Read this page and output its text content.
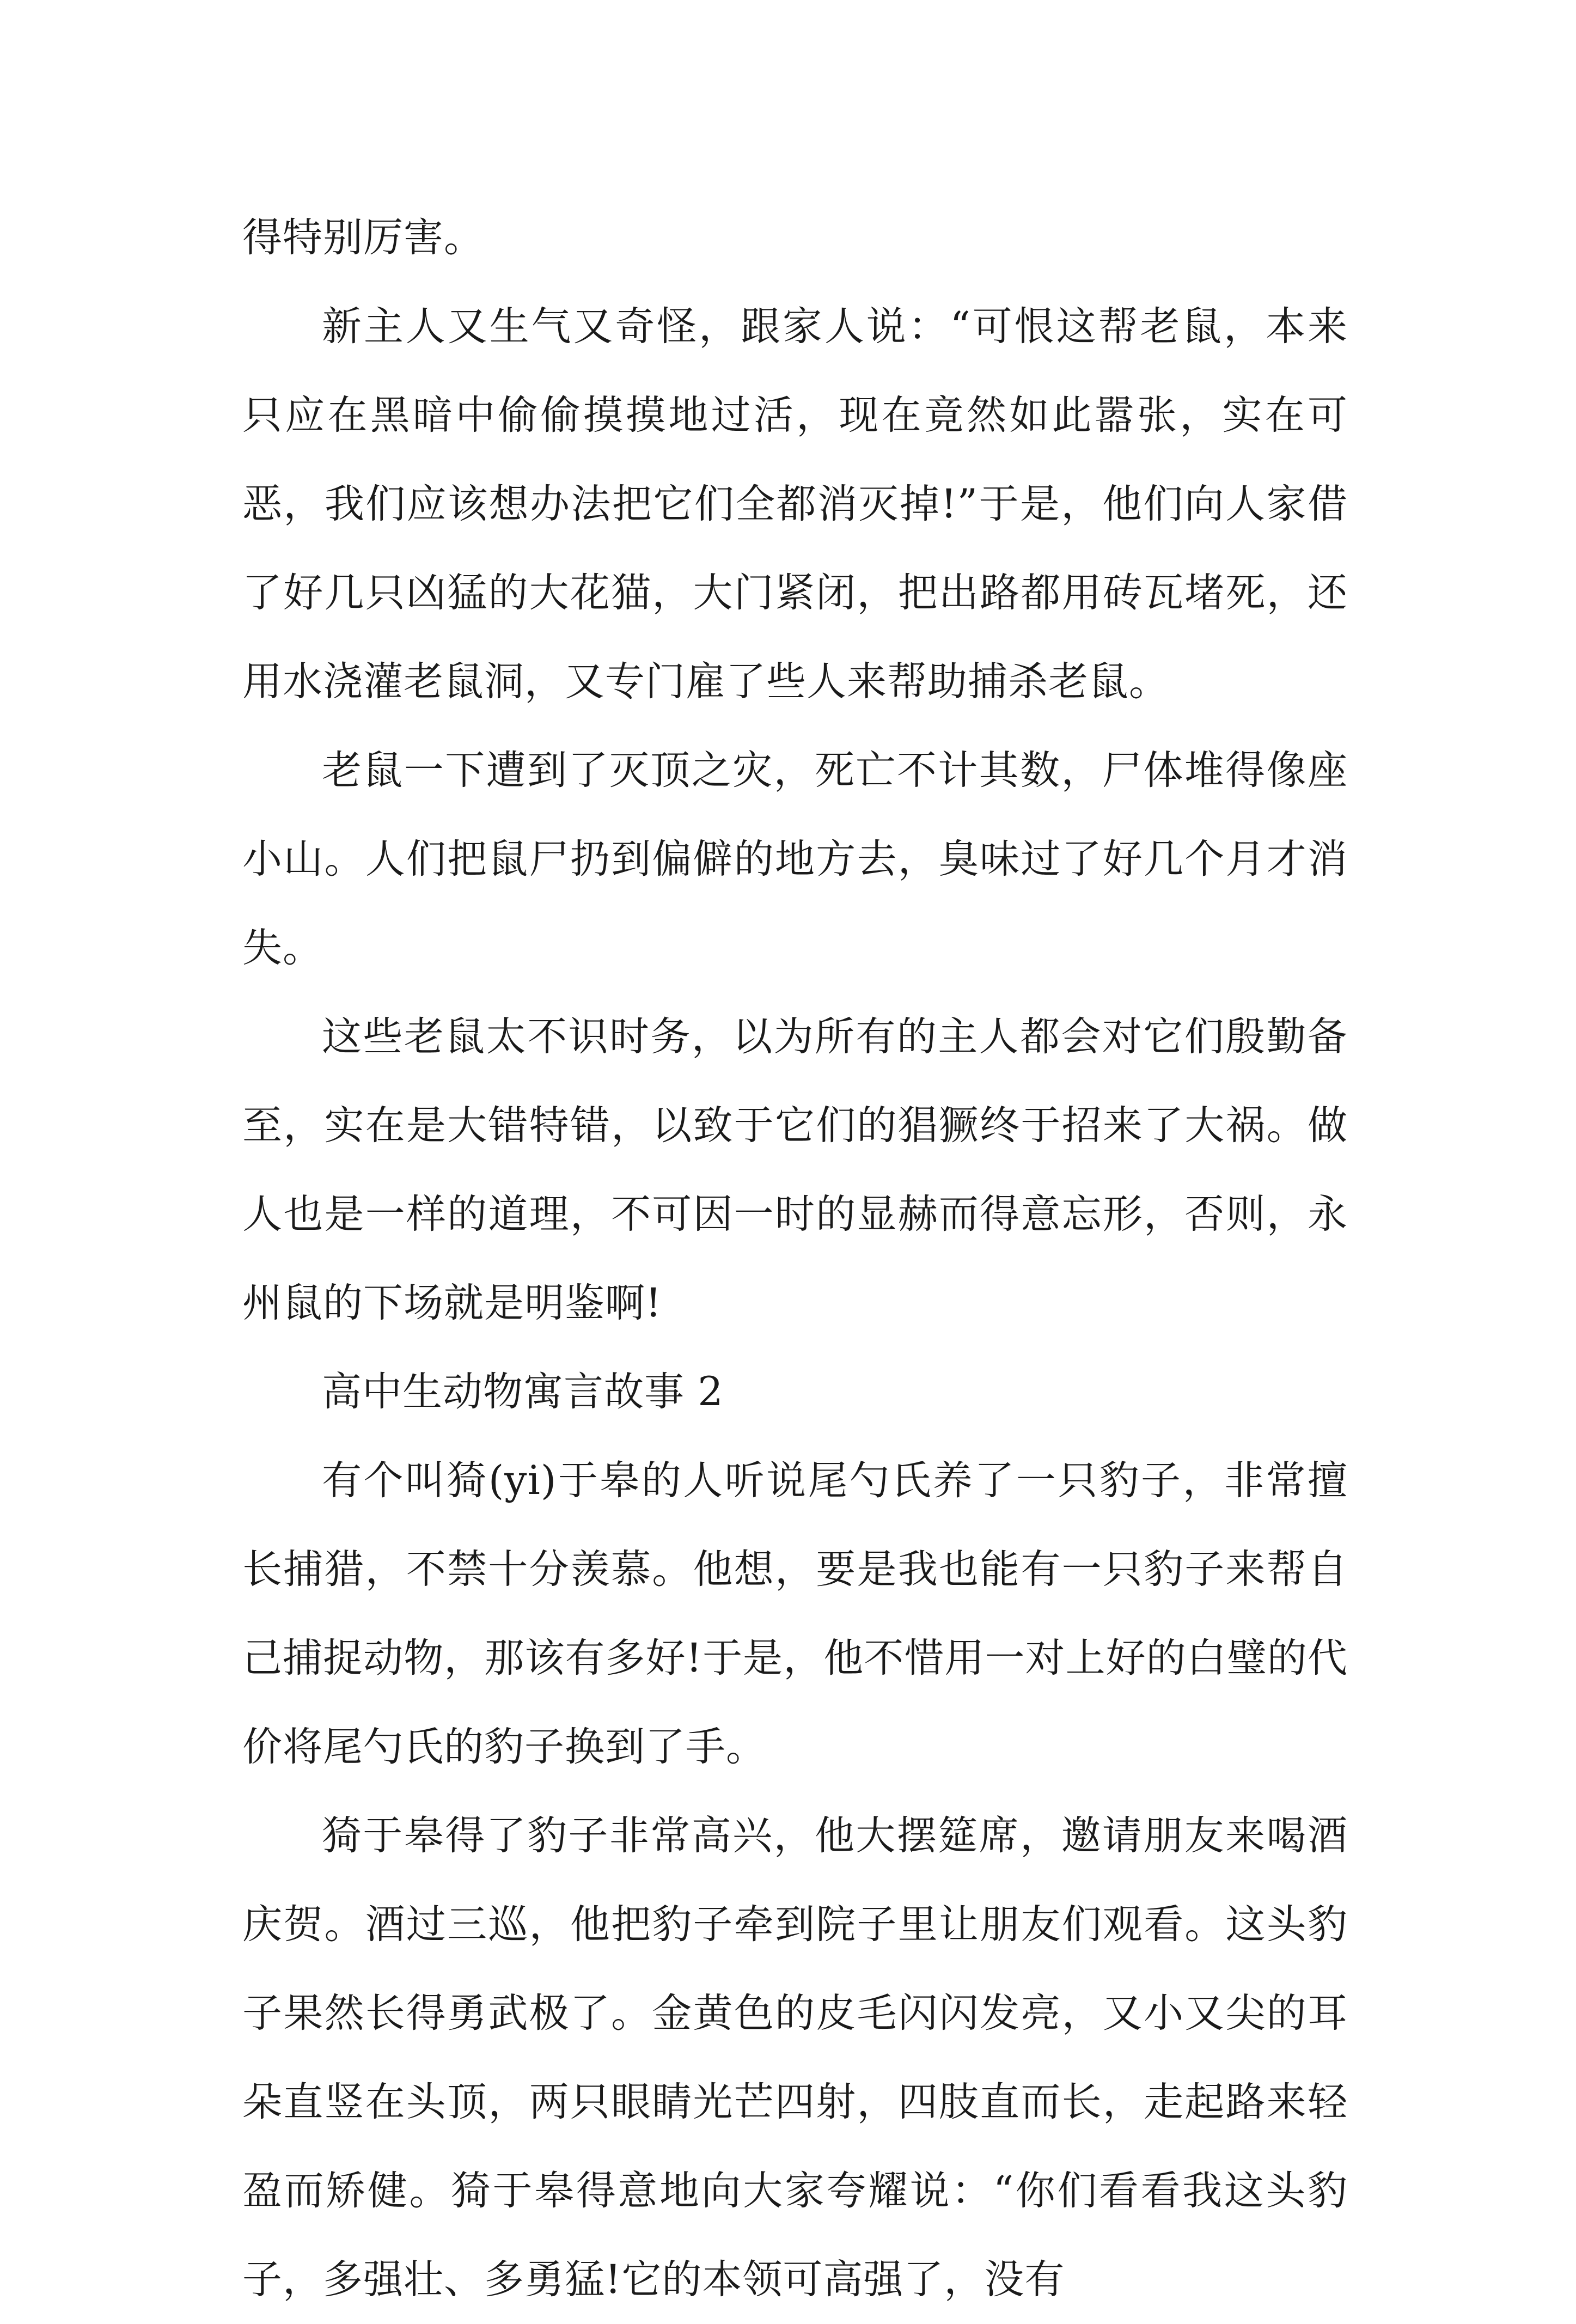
得特别厉害。

新主人又生气又奇怪，跟家人说：“可恨这帮老鼠，本来只应在黑暗中偷偷摸摸地过活，现在竟然如此嚣张，实在可恶，我们应该想办法把它们全都消灭掉!”于是，他们向人家借了好几只凶猛的大花猫，大门紧闭，把出路都用砖瓦堵死，还用水浇灌老鼠洞，又专门雇了些人来帮助捕杀老鼠。

老鼠一下遭到了灭顶之灾，死亡不计其数，尸体堆得像座小山。人们把鼠尸扔到偏僻的地方去，臭味过了好几个月才消失。

这些老鼠太不识时务，以为所有的主人都会对它们殷勤备至，实在是大错特错，以致于它们的猖獗终于招来了大祸。做人也是一样的道理，不可因一时的显赫而得意忘形，否则，永州鼠的下场就是明鉴啊!

高中生动物寓言故事 2

有个叫猗(yi)于皋的人听说尾勺氏养了一只豹子，非常擅长捕猎，不禁十分羡慕。他想，要是我也能有一只豹子来帮自己捕捉动物，那该有多好!于是，他不惜用一对上好的白璧的代价将尾勺氏的豹子换到了手。

猗于皋得了豹子非常高兴，他大摆筵席，邀请朋友来喝酒庆贺。酒过三巡，他把豹子牵到院子里让朋友们观看。这头豹子果然长得勇武极了。金黄色的皮毛闪闪发亮，又小又尖的耳朵直竖在头顶，两只眼睛光芒四射，四肢直而长，走起路来轻盈而矫健。猗于皋得意地向大家夸耀说：“你们看看我这头豹子，多强壮、多勇猛!它的本领可高强了，没有
